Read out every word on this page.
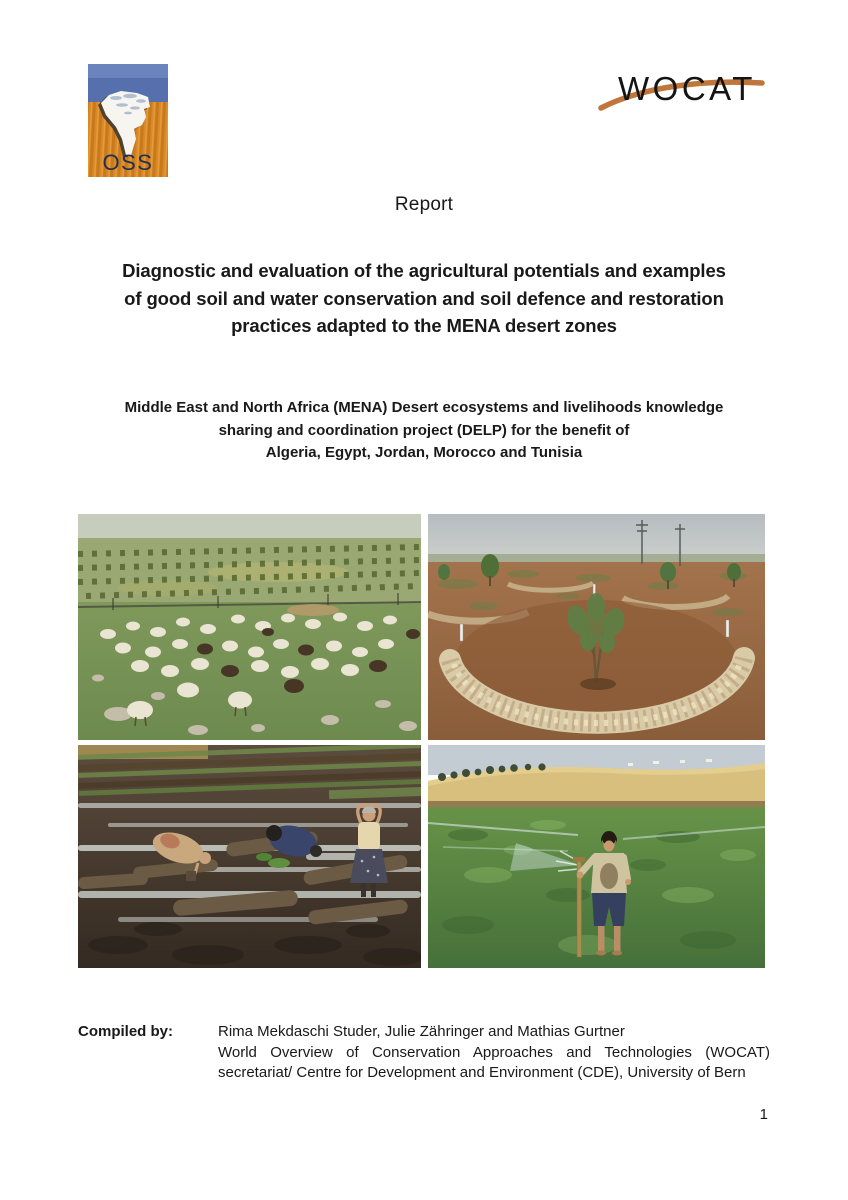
OSS
WOCAT
Report
Diagnostic and evaluation of the agricultural potentials and examples
of good soil and water conservation and soil defence and restoration
practices adapted to the MENA desert zones
Middle East and North Africa (MENA) Desert ecosystems and livelihoods knowledge
sharing and coordination project (DELP) for the benefit of
Algeria, Egypt, Jordan, Morocco and Tunisia
Compiled by:	Rima Mekdaschi Studer, Julie Zähringer and Mathias Gurtner
World Overview of Conservation Approaches and Technologies (WOCAT) secretariat/ Centre for Development and Environment (CDE), University of Bern
1
